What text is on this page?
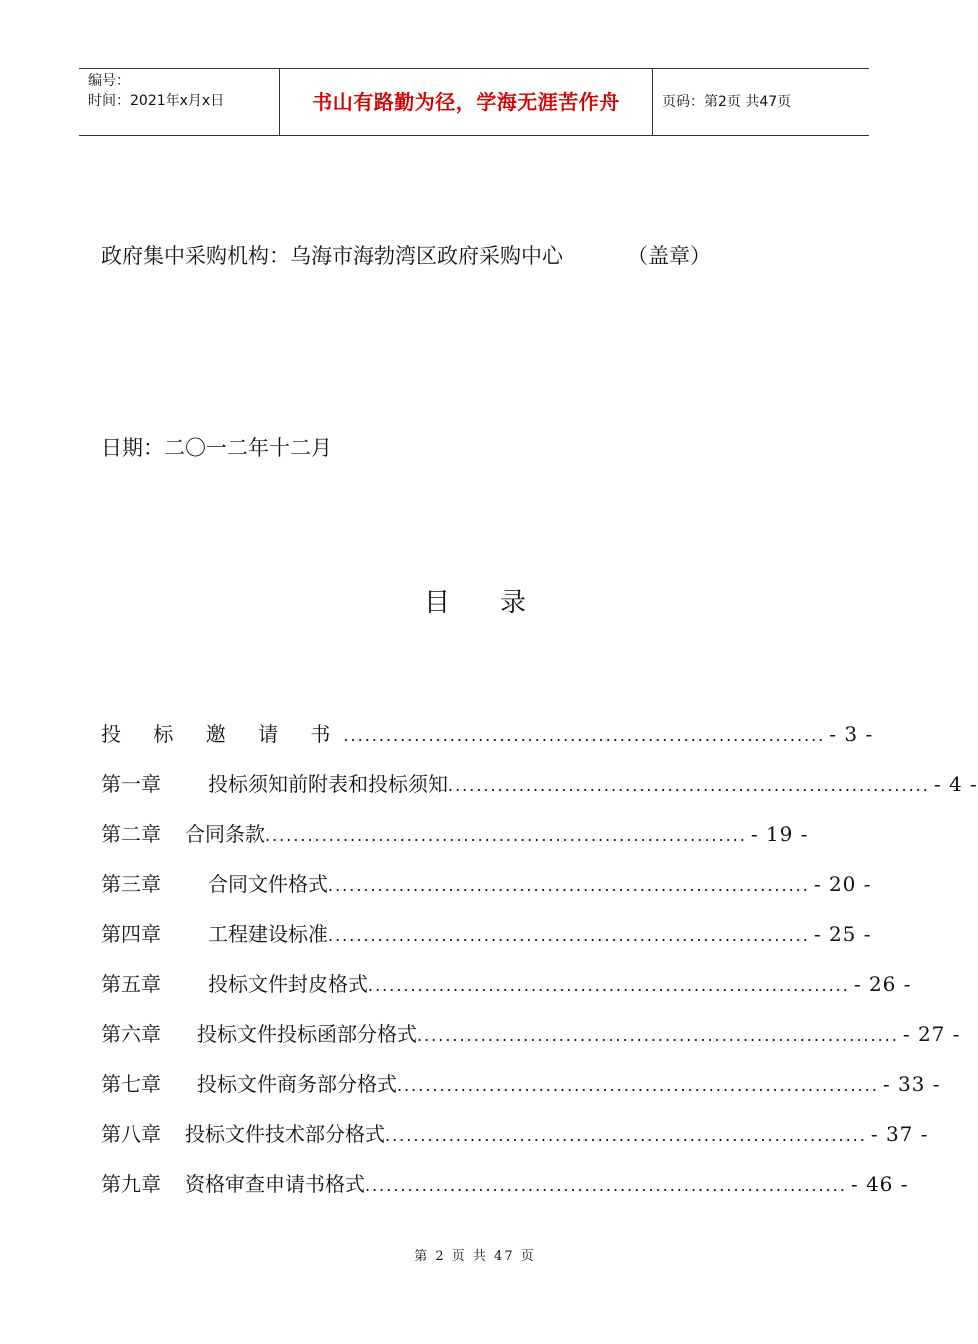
编号：
时间：2021年x月x日	书山有路勤为径，学海无涯苦作舟	页码：第2页 共47页
政府集中采购机构：乌海市海勃湾区政府采购中心	（盖章）
日期：二〇一二年十二月
目录
投 标 邀 请 书 .................................................................... - 3 -
第一章 投标须知前附表和投标须知 .................................................................... - 4 -
第二章 合同条款 .................................................................... - 19 -
第三章 合同文件格式 .................................................................... - 20 -
第四章 工程建设标准 .................................................................... - 25 -
第五章 投标文件封皮格式 .................................................................... - 26 -
第六章 投标文件投标函部分格式 .................................................................... - 27 -
第七章 投标文件商务部分格式 .................................................................... - 33 -
第八章 投标文件技术部分格式 .................................................................... - 37 -
第九章 资格审查申请书格式 .................................................................... - 46 -
第 2 页 共 47 页
